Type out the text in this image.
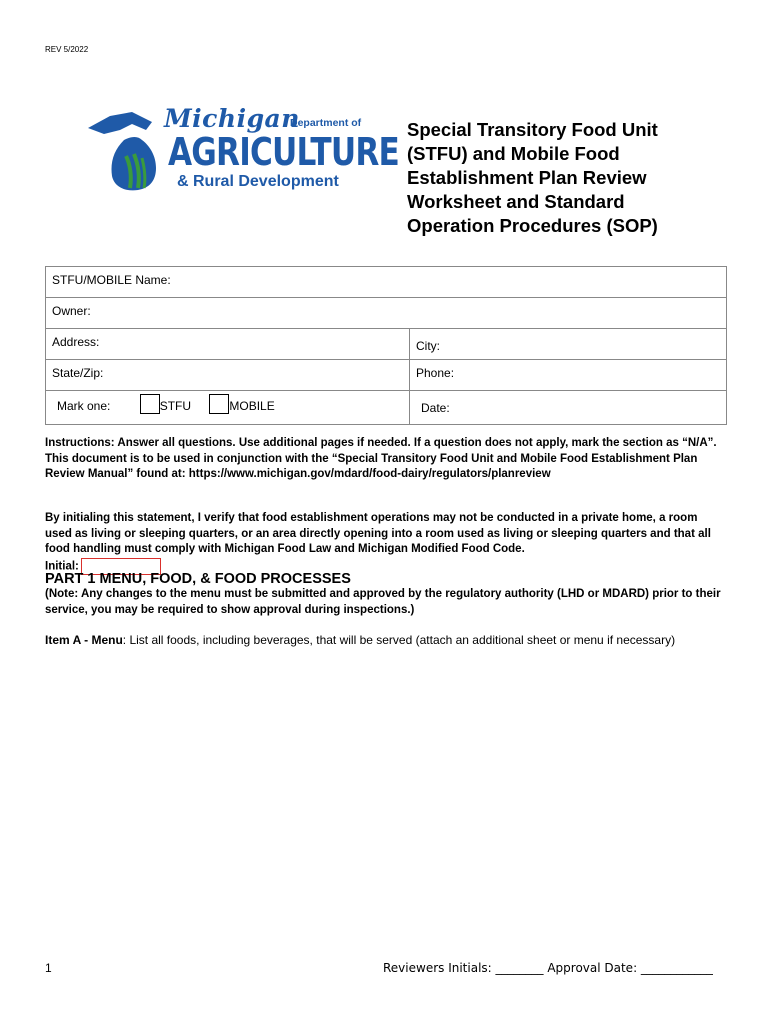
REV 5/2022
Michigan
Department of
AGRICULTURE
& Rural Development
Special Transitory Food Unit (STFU) and Mobile Food Establishment Plan Review Worksheet and Standard Operation Procedures (SOP)
STFU/MOBILE Name:
Owner:
Address:	City:
State/Zip:	Phone:
Mark one:	STFU	MOBILE	Date:
Instructions: Answer all questions. Use additional pages if needed. If a question does not apply, mark the section as “N/A”. This document is to be used in conjunction with the “Special Transitory Food Unit and Mobile Food Establishment Plan Review Manual” found at: https://www.michigan.gov/mdard/food-dairy/regulators/planreview
By initialing this statement, I verify that food establishment operations may not be conducted in a private home, a room used as living or sleeping quarters, or an area directly opening into a room used as living or sleeping quarters and that all food handling must comply with Michigan Food Law and Michigan Modified Food Code.
Initial:
PART 1 MENU, FOOD, & FOOD PROCESSES
(Note: Any changes to the menu must be submitted and approved by the regulatory authority (LHD or MDARD) prior to their service, you may be required to show approval during inspections.)
Item A - Menu: List all foods, including beverages, that will be served (attach an additional sheet or menu if necessary)
1	Reviewers Initials: ________ Approval Date: ____________
